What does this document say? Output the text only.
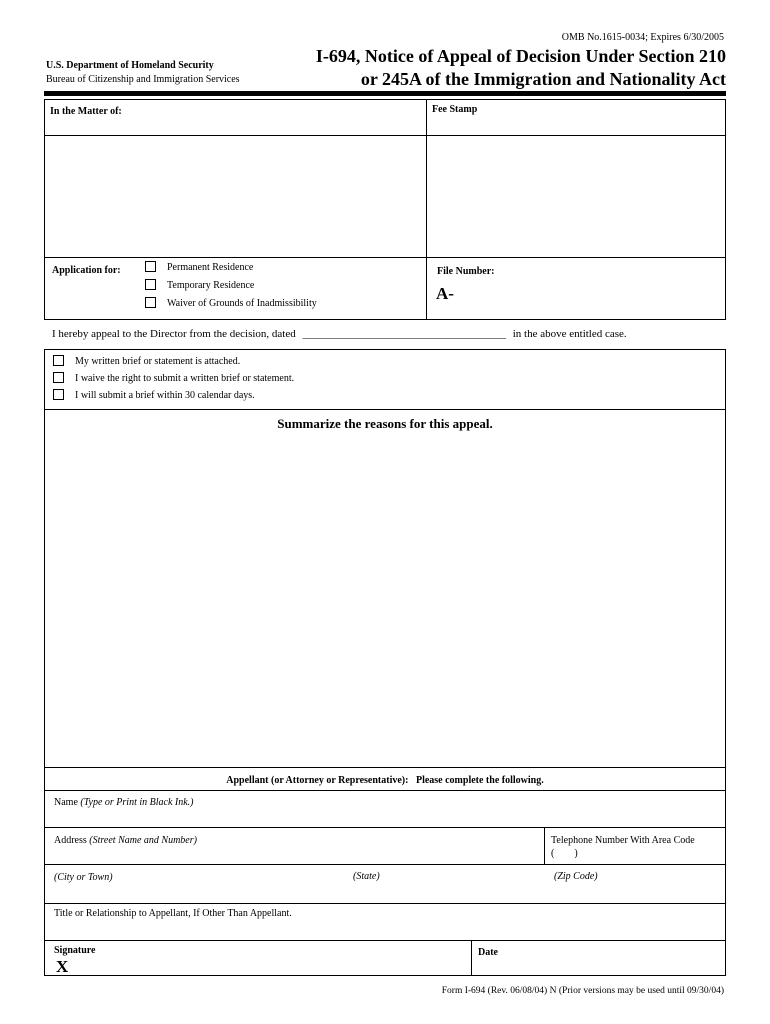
OMB No.1615-0034; Expires 6/30/2005
U.S. Department of Homeland Security
Bureau of Citizenship and Immigration Services
I-694, Notice of Appeal of Decision Under Section 210
or 245A of the Immigration and Nationality Act
In the Matter of:	Fee Stamp
Application for:	Permanent Residence
Temporary Residence
Waiver of Grounds of Inadmissibility
File Number:
A-
I hereby appeal to the Director from the decision, dated _____________________________________ in the above entitled case.
My written brief or statement is attached.
I waive the right to submit a written brief or statement.
I will submit a brief within 30 calendar days.
Summarize the reasons for this appeal.
Appellant (or Attorney or Representative):   Please complete the following.
Name (Type or Print in Black Ink.)
Address (Street Name and Number)	Telephone Number With Area Code
(        )
(City or Town)	(State)	(Zip Code)
Title or Relationship to Appellant, If Other Than Appellant.
Signature
X
Date
Form I-694 (Rev. 06/08/04) N (Prior versions may be used until 09/30/04)
